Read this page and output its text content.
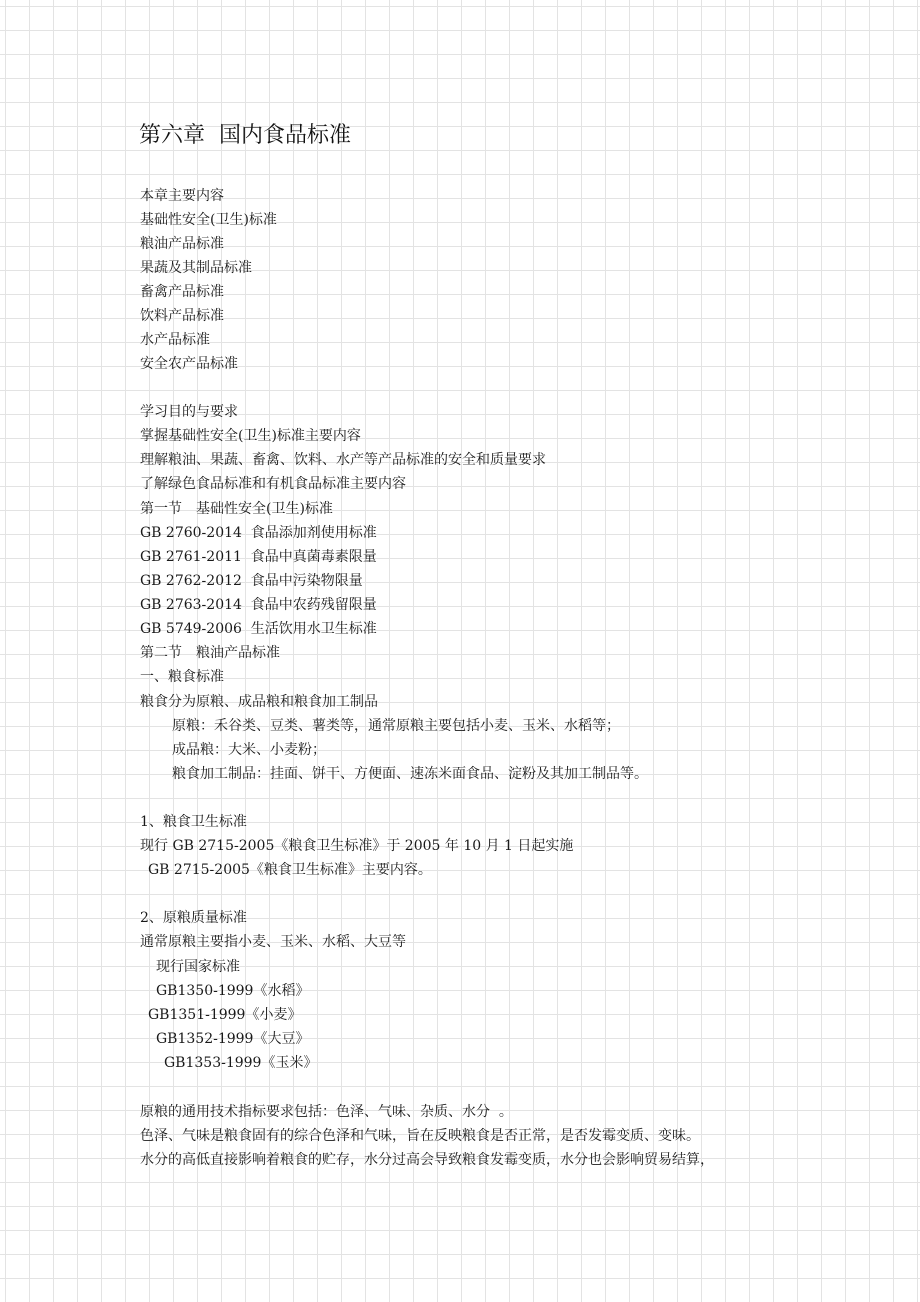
第六章  国内食品标准
本章主要内容
基础性安全(卫生)标准
粮油产品标准
果蔬及其制品标准
畜禽产品标准
饮料产品标准
水产品标准
安全农产品标准
学习目的与要求
掌握基础性安全(卫生)标准主要内容
理解粮油、果蔬、畜禽、饮料、水产等产品标准的安全和质量要求
了解绿色食品标准和有机食品标准主要内容
第一节　基础性安全(卫生)标准
GB 2760-2014  食品添加剂使用标准
GB 2761-2011  食品中真菌毒素限量
GB 2762-2012  食品中污染物限量
GB 2763-2014  食品中农药残留限量
GB 5749-2006  生活饮用水卫生标准
第二节　粮油产品标准
一、粮食标准
粮食分为原粮、成品粮和粮食加工制品
原粮：禾谷类、豆类、薯类等，通常原粮主要包括小麦、玉米、水稻等；
成品粮：大米、小麦粉；
粮食加工制品：挂面、饼干、方便面、速冻米面食品、淀粉及其加工制品等。
1、粮食卫生标准
现行 GB 2715-2005《粮食卫生标准》于 2005 年 10 月 1 日起实施
GB 2715-2005《粮食卫生标准》主要内容。
2、原粮质量标准
通常原粮主要指小麦、玉米、水稻、大豆等
现行国家标准
GB1350-1999《水稻》
GB1351-1999《小麦》
GB1352-1999《大豆》
GB1353-1999《玉米》
原粮的通用技术指标要求包括：色泽、气味、杂质、水分  。
色泽、气味是粮食固有的综合色泽和气味，旨在反映粮食是否正常，是否发霉变质、变味。
水分的高低直接影响着粮食的贮存，水分过高会导致粮食发霉变质，水分也会影响贸易结算，
